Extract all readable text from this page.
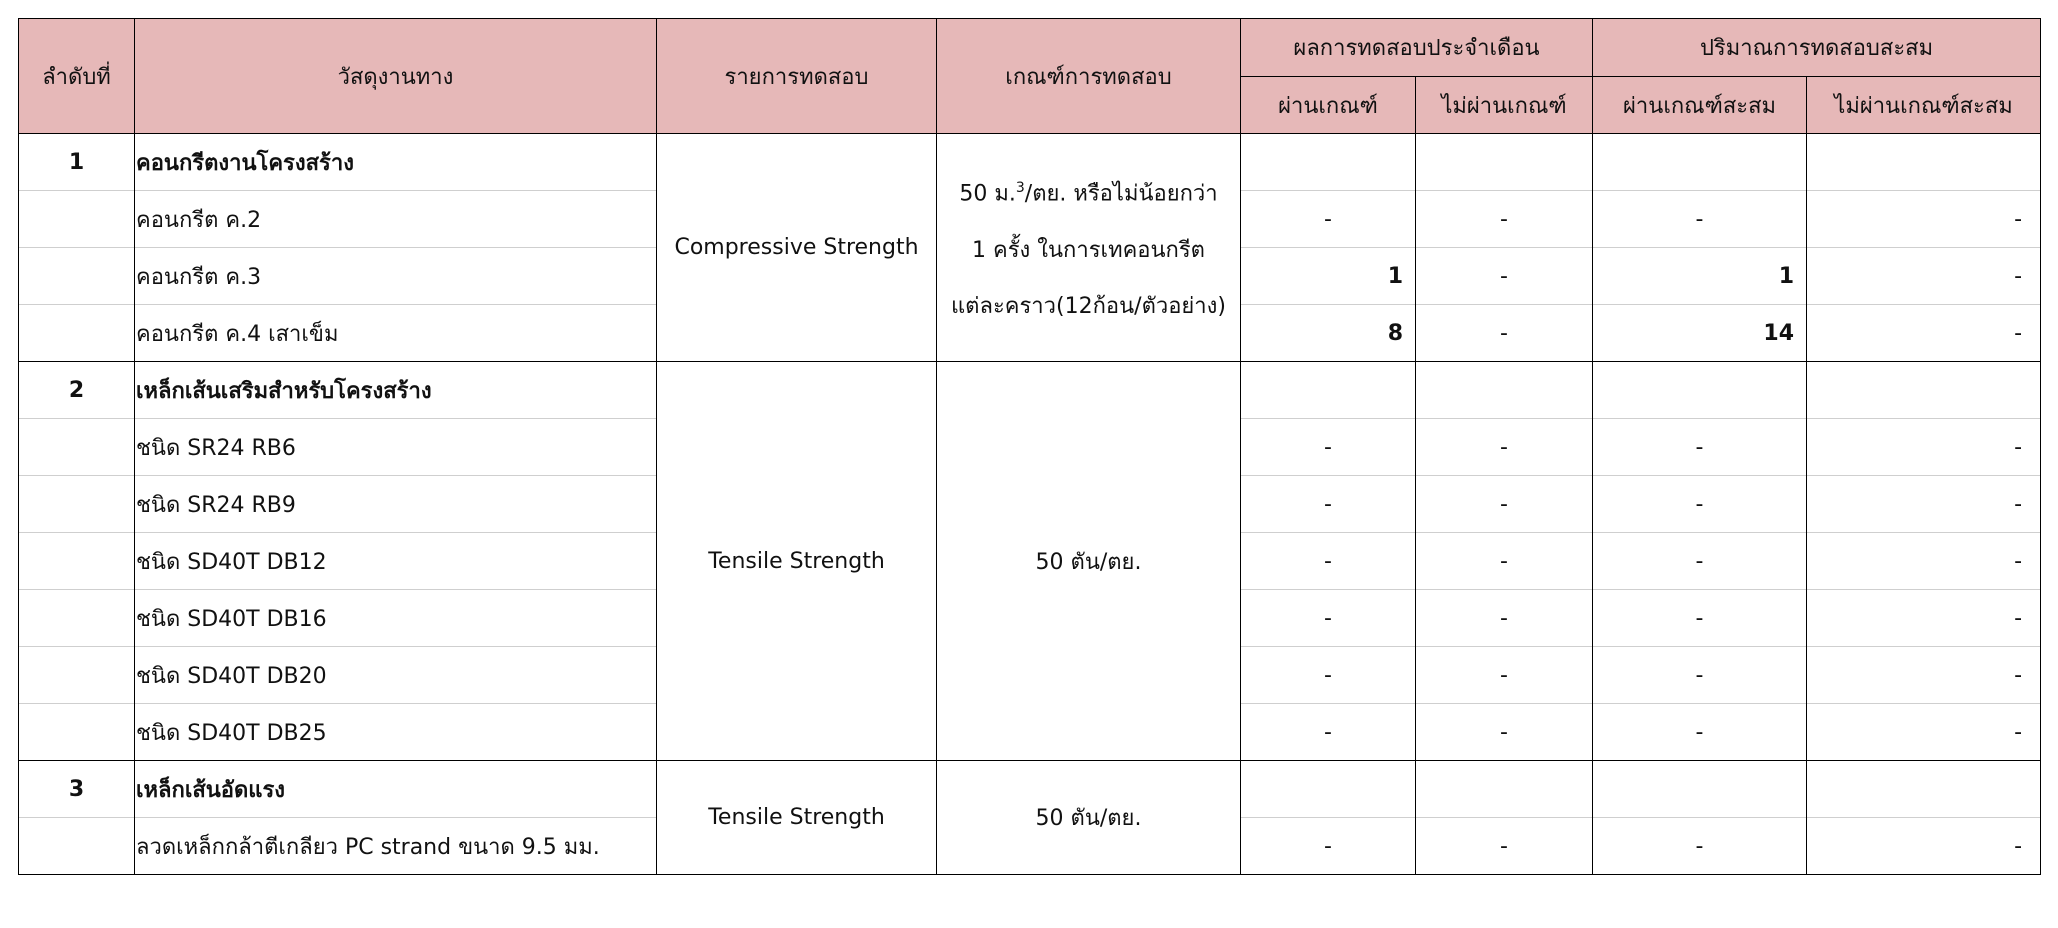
ลำดับที่	วัสดุงานทาง	รายการทดสอบ	เกณฑ์การทดสอบ	ผลการทดสอบประจำเดือน		ปริมาณการทดสอบสะสม	
				ผ่านเกณฑ์	ไม่ผ่านเกณฑ์	ผ่านเกณฑ์สะสม	ไม่ผ่านเกณฑ์สะสม
1	คอนกรีตงานโครงสร้าง	Compressive Strength	50 ม.$^3$/ตย. หรือไม่น้อยกว่า
1 ครั้ง ในการเทคอนกรีต
แต่ละคราว(12ก้อน/ตัวอย่าง)				

	คอนกรีต ค.2			-	-	-	-
	คอนกรีต ค.3			1	-	1	-
	คอนกรีต ค.4 เสาเข็ม			8	-	14	-
2	เหล็กเส้นเสริมสำหรับโครงสร้าง	Tensile Strength	50 ตัน/ตย.				
	ชนิด SR24 RB6			-	-	-	-
	ชนิด SR24 RB9			-	-	-	-
	ชนิด SD40T DB12			-	-	-	-
	ชนิด SD40T DB16			-	-	-	-
	ชนิด SD40T DB20			-	-	-	-
	ชนิด SD40T DB25			-	-	-	-
3	เหล็กเส้นอัดแรง	Tensile Strength	50 ตัน/ตย.				
	ลวดเหล็กกล้าตีเกลียว PC strand ขนาด 9.5 มม.			-	-	-	-
